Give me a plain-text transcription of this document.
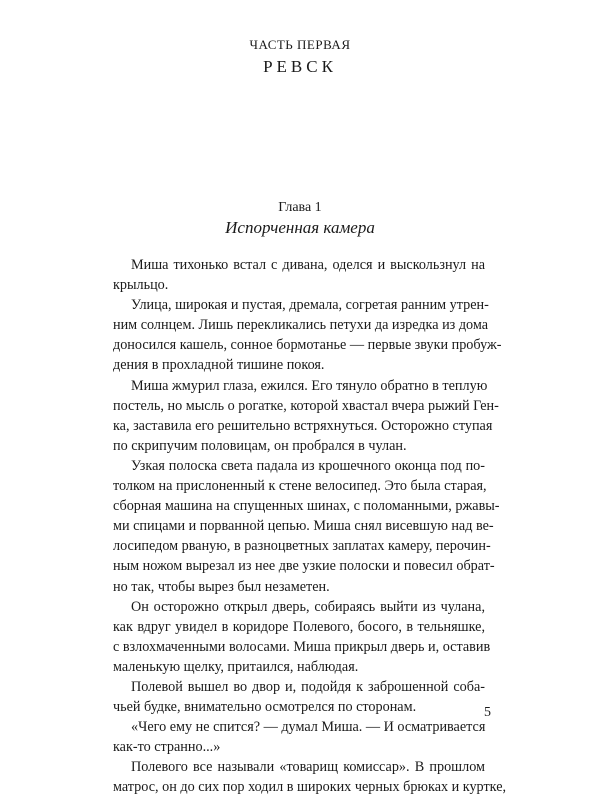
ЧАСТЬ ПЕРВАЯ
РЕВСК
Глава 1
Испорченная камера
Миша тихонько встал с дивана, оделся и выскользнул на
крыльцо.
Улица, широкая и пустая, дремала, согретая ранним утрен-
ним солнцем. Лишь перекликались петухи да изредка из дома
доносился кашель, сонное бормотанье — первые звуки пробуж-
дения в прохладной тишине покоя.
Миша жмурил глаза, ежился. Его тянуло обратно в теплую
постель, но мысль о рогатке, которой хвастал вчера рыжий Ген-
ка, заставила его решительно встряхнуться. Осторожно ступая
по скрипучим половицам, он пробрался в чулан.
Узкая полоска света падала из крошечного оконца под по-
толком на прислоненный к стене велосипед. Это была старая,
сборная машина на спущенных шинах, с поломанными, ржавы-
ми спицами и порванной цепью. Миша снял висевшую над ве-
лосипедом рваную, в разноцветных заплатах камеру, перочин-
ным ножом вырезал из нее две узкие полоски и повесил обрат-
но так, чтобы вырез был незаметен.
Он осторожно открыл дверь, собираясь выйти из чулана,
как вдруг увидел в коридоре Полевого, босого, в тельняшке,
с взлохмаченными волосами. Миша прикрыл дверь и, оставив
маленькую щелку, притаился, наблюдая.
Полевой вышел во двор и, подойдя к заброшенной соба-
чьей будке, внимательно осмотрелся по сторонам.
«Чего ему не спится? — думал Миша. — И осматривается
как-то странно...»
Полевого все называли «товарищ комиссар». В прошлом
матрос, он до сих пор ходил в широких черных брюках и куртке,
5
